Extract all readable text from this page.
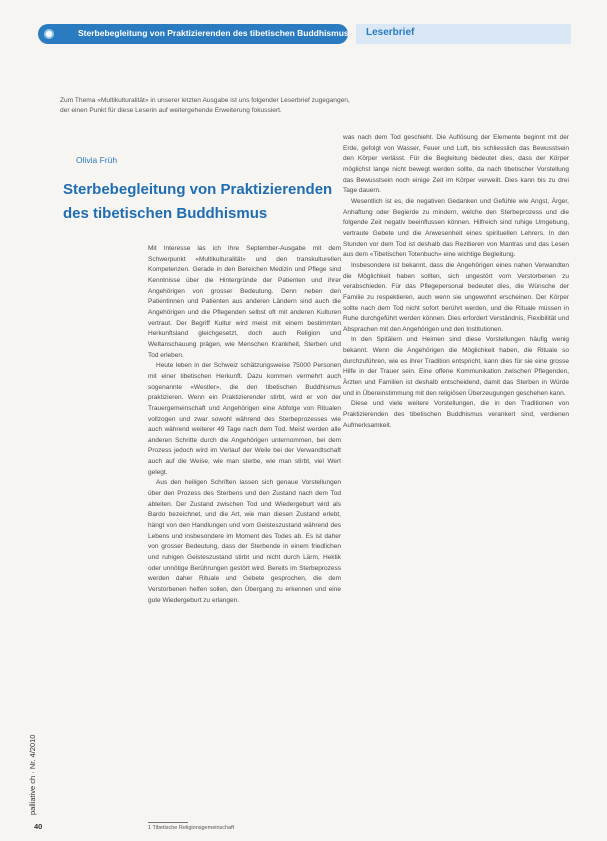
Sterbebegleitung von Praktizierenden des tibetischen Buddhismus Leserbrief
Zum Thema «Multikulturalität» in unserer letzten Ausgabe ist uns folgender Leserbrief zugegangen, der einen Punkt für diese Leserin auf weitergehende Erweiterung fokussiert.
Olivia Früh
Sterbebegleitung von Praktizierenden des tibetischen Buddhismus

Mit Interesse las ich Ihre September-Ausgabe mit dem Schwerpunkt «Multikulturalität» und den transkulturellen Kompetenzen. Gerade in den Bereichen Medizin und Pflege sind Kenntnisse über die Hintergründe der Patienten und ihrer Angehörigen von grosser Bedeutung. Denn neben den Patientinnen und Patienten aus anderen Ländern sind auch die Angehörigen und die Pflegenden selbst oft mit anderen Kulturen vertraut. Der Begriff Kultur wird meist mit einem bestimmten Herkunftsland gleichgesetzt, doch auch Religion und Weltanschauung prägen, wie Menschen Krankheit, Sterben und Tod erleben.

Heute leben in der Schweiz schätzungsweise 75000 Personen mit einer tibetischen Herkunft. Dazu kommen vermehrt auch sogenannte «Westler», die den tibetischen Buddhismus praktizieren. Wenn ein Praktizierender stirbt, wird er von der Trauergemeinschaft und Angehörigen eine Abfolge von Ritualen vollzogen und zwar sowohl während des Sterbeprozesses wie auch während weiterer 49 Tage nach dem Tod. Meist werden alle anderen Schritte durch die Angehörigen unternommen, bei dem Prozess jedoch wird im Verlauf der Weile bei der Verwandtschaft auch auf die Weise, wie man sterbe, wie man stirbt, viel Wert gelegt.

Aus den heiligen Schriften lassen sich genaue Vorstellungen über den Prozess des Sterbens und den Zustand nach dem Tod ableiten. Der Zustand zwischen Tod und Wiedergeburt wird als Bardo bezeichnet, und die Art, wie man diesen Zustand erlebt, hängt von den Handlungen und vom Geisteszustand während des Lebens und insbesondere im Moment des Todes ab. Es ist daher von grosser Bedeutung, dass der Sterbende in einem friedlichen und ruhigen Geisteszustand stirbt und nicht durch Lärm, Hektik oder unnötige Berührungen gestört wird. Bereits im Sterbeprozess werden daher Rituale und Gebete gesprochen, die dem Verstorbenen helfen sollen, den Übergang zu erkennen und eine gute Wiedergeburt zu erlangen.

was nach dem Tod geschieht. Die Auflösung der Elemente beginnt mit der Erde, gefolgt von Wasser, Feuer und Luft, bis schliesslich das Bewusstsein den Körper verlässt. Für die Begleitung bedeutet dies, dass der Körper möglichst lange nicht bewegt werden sollte, da nach tibetischer Vorstellung das Bewusstsein noch einige Zeit im Körper verweilt. Dies kann bis zu drei Tage dauern.

Wesentlich ist es, die negativen Gedanken und Gefühle wie Angst, Ärger, Anhaftung oder Begierde zu mindern, welche den Sterbeprozess und die folgende Zeit negativ beeinflussen können. Hilfreich sind ruhige Umgebung, vertraute Gebete und die Anwesenheit eines spirituellen Lehrers. In den Stunden vor dem Tod ist deshalb das Rezitieren von Mantras und das Lesen aus dem «Tibetischen Totenbuch» eine wichtige Begleitung.

Insbesondere ist bekannt, dass die Angehörigen eines nahen Verwandten die Möglichkeit haben sollten, sich ungestört vom Verstorbenen zu verabschieden. Für das Pflegepersonal bedeutet dies, die Wünsche der Familie zu respektieren, auch wenn sie ungewohnt erscheinen. Der Körper sollte nach dem Tod nicht sofort berührt werden, und die Rituale müssen in Ruhe durchgeführt werden können. Dies erfordert Verständnis, Flexibilität und Absprachen mit den Angehörigen und den Institutionen.

In den Spitälern und Heimen sind diese Vorstellungen häufig wenig bekannt. Wenn die Angehörigen die Möglichkeit haben, die Rituale so durchzuführen, wie es ihrer Tradition entspricht, kann dies für sie eine grosse Hilfe in der Trauer sein. Eine offene Kommunikation zwischen Pflegenden, Ärzten und Familien ist deshalb entscheidend, damit das Sterben in Würde und in Übereinstimmung mit den religiösen Überzeugungen geschehen kann.

Diese und viele weitere Vorstellungen, die in den Traditionen von Praktizierenden des tibetischen Buddhismus verankert sind, verdienen Aufmerksamkeit.

1 Tibetische Religionsgemeinschaft
palliative ch · Nr. 4/2010
40
